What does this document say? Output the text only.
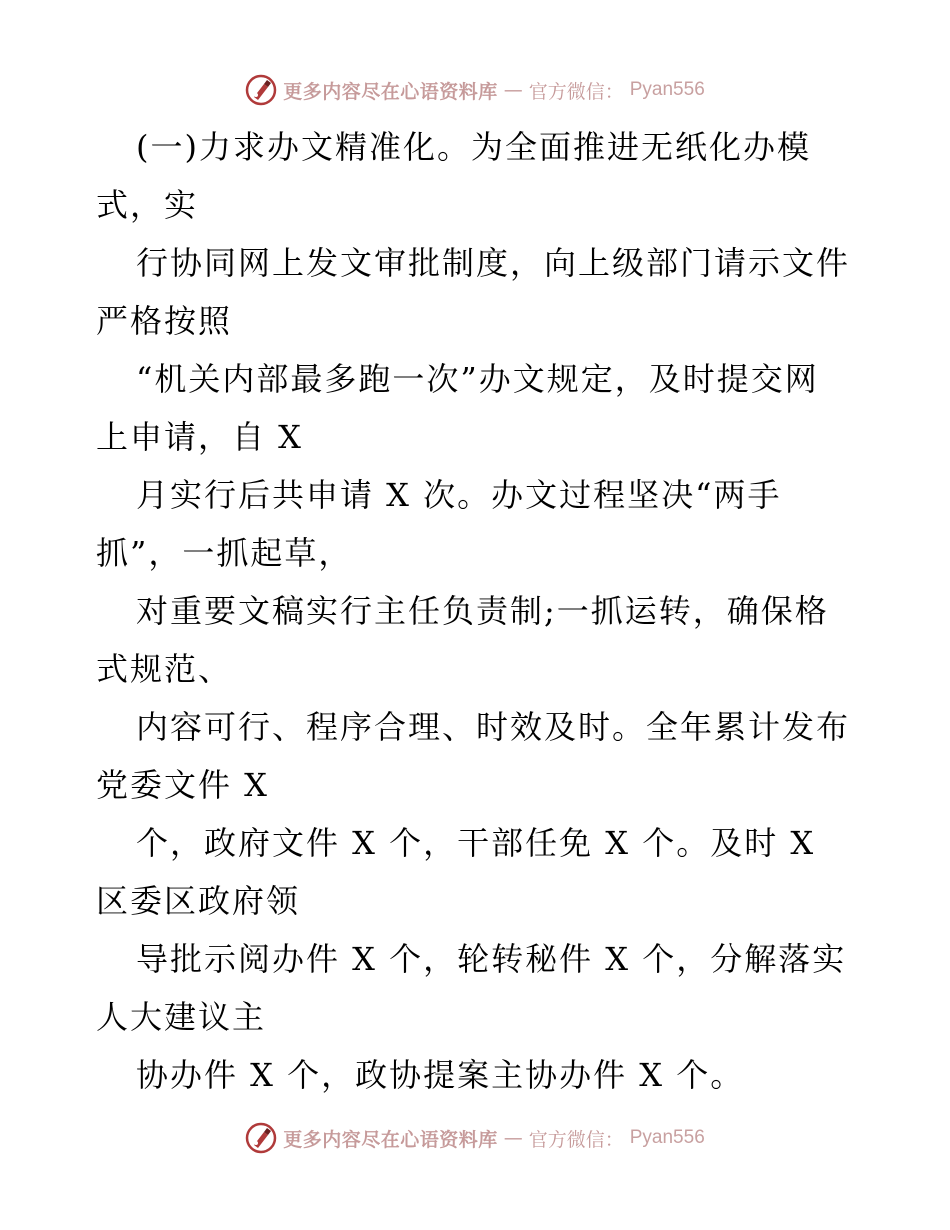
更多内容尽在心语资料库 — 官方微信： Pyan556
(一)力求办文精准化。为全面推进无纸化办模
式，实
行协同网上发文审批制度，向上级部门请示文件
严格按照
“机关内部最多跑一次”办文规定，及时提交网
上申请，自 X
月实行后共申请 X 次。办文过程坚决“两手
抓”，一抓起草，
对重要文稿实行主任负责制;一抓运转，确保格
式规范、
内容可行、程序合理、时效及时。全年累计发布
党委文件 X
个，政府文件 X 个，干部任免 X 个。及时 X
区委区政府领
导批示阅办件 X 个，轮转秘件 X 个，分解落实
人大建议主
协办件 X 个，政协提案主协办件 X 个。
更多内容尽在心语资料库 — 官方微信： Pyan556
